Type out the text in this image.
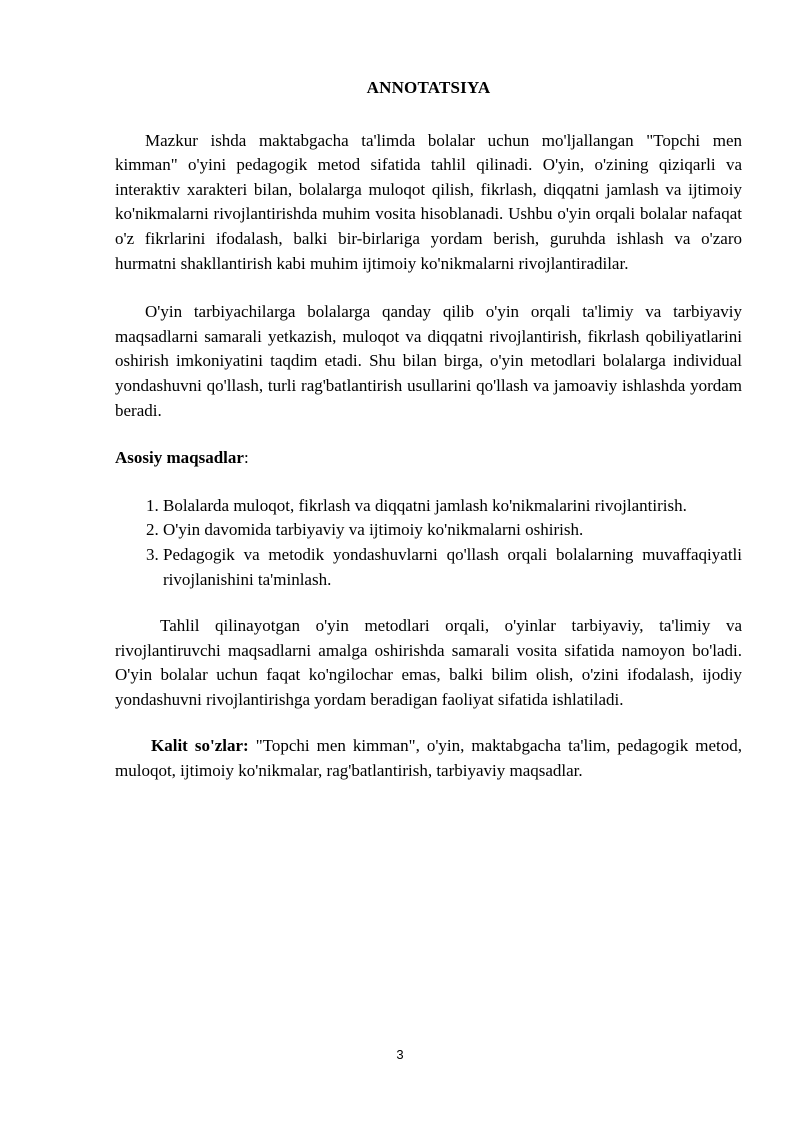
ANNOTATSIYA

Mazkur ishda maktabgacha ta'limda bolalar uchun mo'ljallangan "Topchi men kimman" o'yini pedagogik metod sifatida tahlil qilinadi. O'yin, o'zining qiziqarli va interaktiv xarakteri bilan, bolalarga muloqot qilish, fikrlash, diqqatni jamlash va ijtimoiy ko'nikmalarni rivojlantirishda muhim vosita hisoblanadi. Ushbu o'yin orqali bolalar nafaqat o'z fikrlarini ifodalash, balki bir-birlariga yordam berish, guruhda ishlash va o'zaro hurmatni shakllantirish kabi muhim ijtimoiy ko'nikmalarni rivojlantiradilar.

O'yin tarbiyachilarga bolalarga qanday qilib o'yin orqali ta'limiy va tarbiyaviy maqsadlarni samarali yetkazish, muloqot va diqqatni rivojlantirish, fikrlash qobiliyatlarini oshirish imkoniyatini taqdim etadi. Shu bilan birga, o'yin metodlari bolalarga individual yondashuvni qo'llash, turli rag'batlantirish usullarini qo'llash va jamoaviy ishlashda yordam beradi.

Asosiy maqsadlar:

1. Bolalarda muloqot, fikrlash va diqqatni jamlash ko'nikmalarini rivojlantirish.
2. O'yin davomida tarbiyaviy va ijtimoiy ko'nikmalarni oshirish.
3. Pedagogik va metodik yondashuvlarni qo'llash orqali bolalarning muvaffaqiyatli rivojlanishini ta'minlash.

Tahlil qilinayotgan o'yin metodlari orqali, o'yinlar tarbiyaviy, ta'limiy va rivojlantiruvchi maqsadlarni amalga oshirishda samarali vosita sifatida namoyon bo'ladi. O'yin bolalar uchun faqat ko'ngilochar emas, balki bilim olish, o'zini ifodalash, ijodiy yondashuvni rivojlantirishga yordam beradigan faoliyat sifatida ishlatiladi.

Kalit so'zlar: "Topchi men kimman", o'yin, maktabgacha ta'lim, pedagogik metod, muloqot, ijtimoiy ko'nikmalar, rag'batlantirish, tarbiyaviy maqsadlar.

3
